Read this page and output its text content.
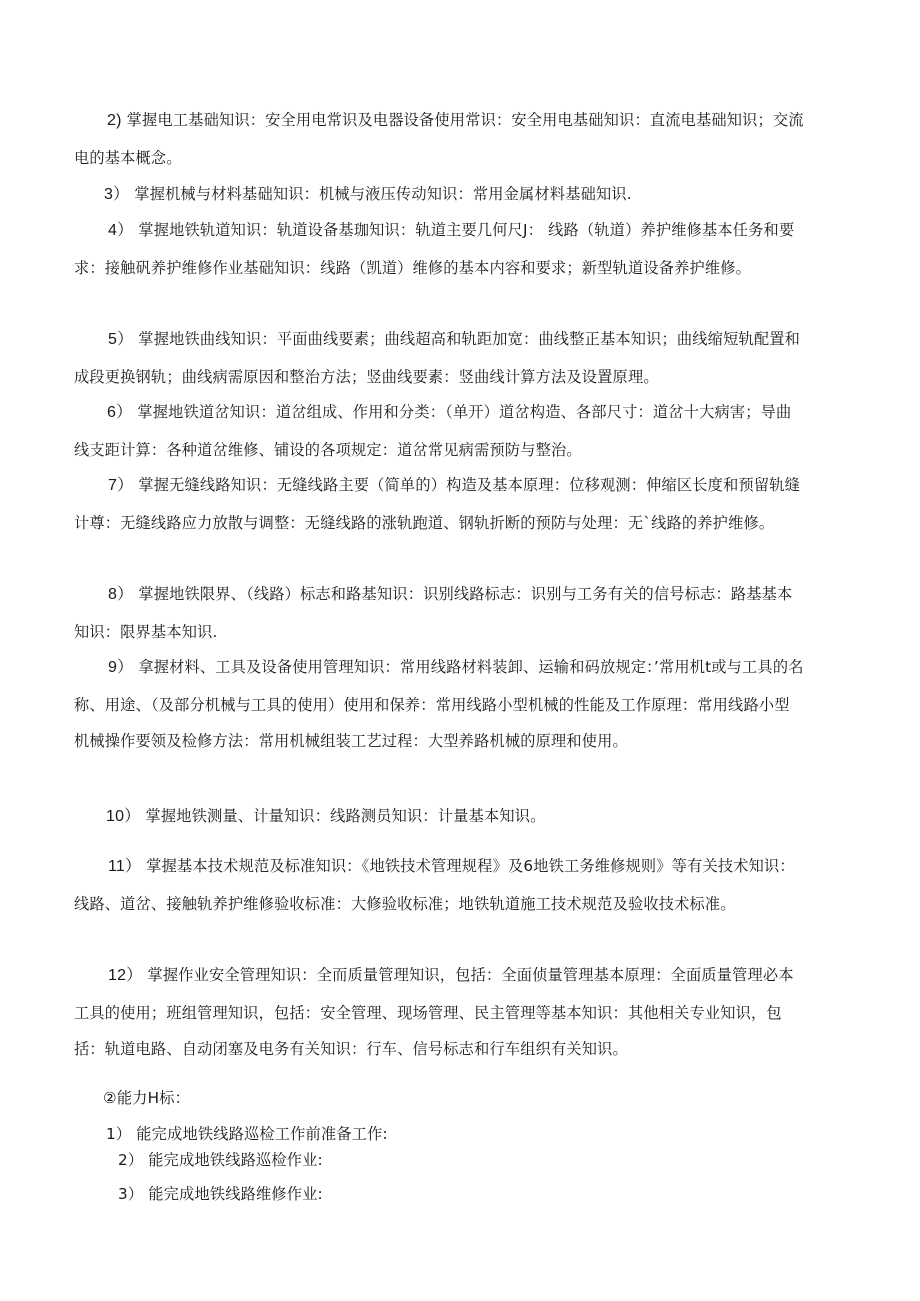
2) 掌握电工基础知识：安全用电常识及电器设备使用常识：安全用电基础知识：直流电基础知识；交流电的基本概念。

3） 掌握机械与材料基础知识：机械与液压传动知识：常用金属材料基础知识.

4） 掌握地铁轨道知识：轨道设备基珈知识：轨道主要几何尺J： 线路（轨道）养护维修基本任务和要求：接触矾养护维修作业基础知识：线路（凯道）维修的基本内容和要求；新型轨道设备养护维修。

5） 掌握地铁曲线知识：平面曲线要素；曲线超高和轨距加宽：曲线整正基本知识；曲线缩短轨配置和成段更换钢轨；曲线病需原因和整治方法；竖曲线要素：竖曲线计算方法及设置原理。

6） 掌握地铁道岔知识：道岔组成、作用和分类：（单开）道岔构造、各部尺寸：道岔十大病害；导曲线支距计算：各种道岔维修、铺设的各项规定：道岔常见病需预防与整治。

7） 掌握无缝线路知识：无缝线路主要（简单的）构造及基本原理：位移观测：伸缩区长度和预留轨缝计尊：无缝线路应力放散与调整：无缝线路的涨轨跑道、钢轨折断的预防与处理：无`线路的养护维修。

8） 掌握地铁限界、（线路）标志和路基知识：识别线路标志：识别与工务有关的信号标志：路基基本知识：限界基本知识.

9） 拿握材料、工具及设备使用管理知识：常用线路材料装卸、运输和码放规定：’常用机t或与工具的名称、用途、（及部分机械与工具的使用）使用和保养：常用线路小型机械的性能及工作原理：常用线路小型机械操作要领及检修方法：常用机械组装工艺过程：大型养路机械的原理和使用。

10） 掌握地铁测量、计量知识：线路测员知识：计量基本知识。

11） 掌握基本技术规范及标准知识：《地铁技术管理规程》及6地铁工务维修规则》等有关技术知识：线路、道岔、接触轨养护维修验收标准：大修验收标准；地铁轨道施工技术规范及验收技术标准。

12） 掌握作业安全管理知识：全而质量管理知识，包括：全面侦量管理基本原理：全面质量管理必本工具的使用；班组管理知识，包括：安全管理、现场管理、民主管理等基本知识：其他相关专业知识，包括：轨道电路、自动闭塞及电务有关知识：行车、信号标志和行车组织有关知识。

②能力H标：

1） 能完成地铁线路巡检工作前准备工作:

2） 能完成地铁线路巡检作业:

3） 能完成地铁线路维修作业:
